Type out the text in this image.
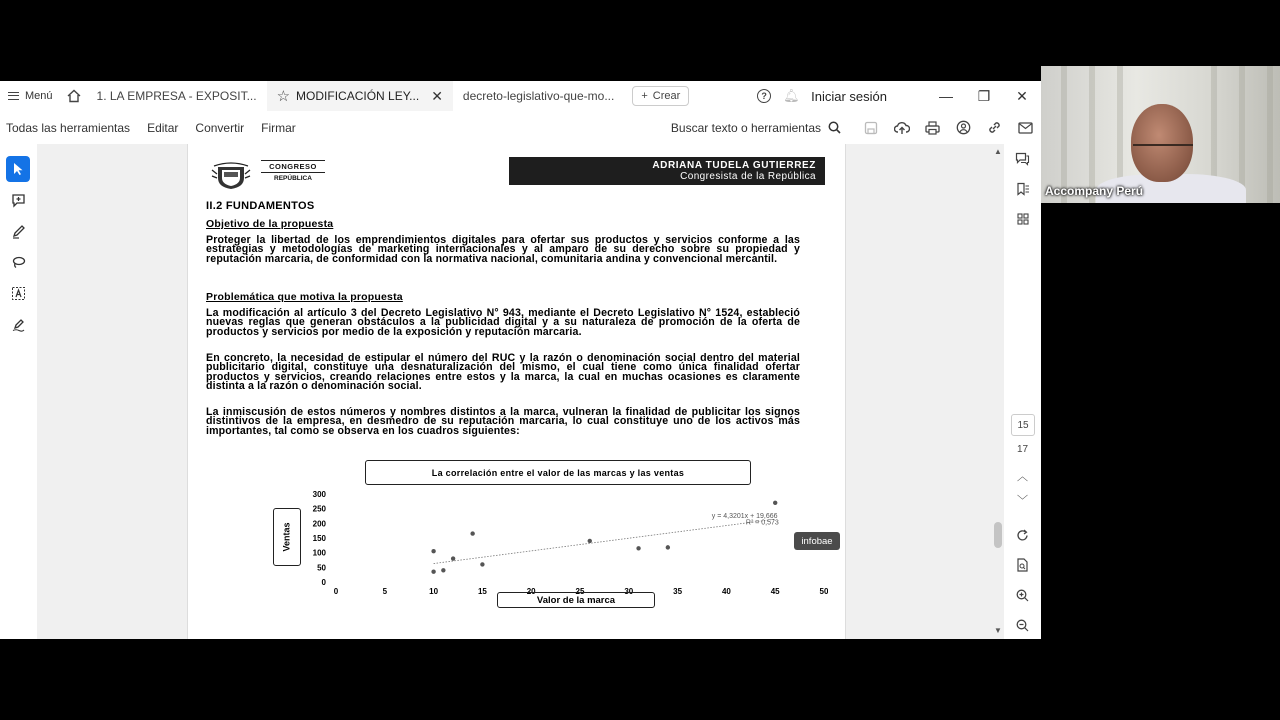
Menú	1. LA EMPRESA - EXPOSIT... ☆ MODIFICACIÓN LEY... ✕ decreto-legislativo-que-mo... + Crear	?	🔔︎ Iniciar sesión	—	❐	✕
Todas las herramientas	Editar	Convertir	Firmar	Buscar texto o herramientas
CONGRESO
REPÚBLICA
ADRIANA TUDELA GUTIERREZ
Congresista de la República
II.2 FUNDAMENTOS
Objetivo de la propuesta
Proteger la libertad de los emprendimientos digitales para ofertar sus productos y servicios conforme a las estrategias y metodologías de marketing internacionales y al amparo de su derecho sobre su propiedad y reputación marcaria, de conformidad con la normativa nacional, comunitaria andina y convencional mercantil.
Problemática que motiva la propuesta
La modificación al artículo 3 del Decreto Legislativo N° 943, mediante el Decreto Legislativo N° 1524, estableció nuevas reglas que generan obstáculos a la publicidad digital y a su naturaleza de promoción de la oferta de productos y servicios por medio de la exposición y reputación marcaria.
En concreto, la necesidad de estipular el número del RUC y la razón o denominación social dentro del material publicitario digital, constituye una desnaturalización del mismo, el cual tiene como única finalidad ofertar productos y servicios, creando relaciones entre estos y la marca, la cual en muchas ocasiones es claramente distinta a la razón o denominación social.
La inmiscusión de estos números y nombres distintos a la marca, vulneran la finalidad de publicitar los signos distintivos de la empresa, en desmedro de su reputación marcaria, lo cual constituye uno de los activos más importantes, tal como se observa en los cuadros siguientes:
La correlación entre el valor de las marcas y las ventas
Ventas
0
50
100
150
200
250
300
0	5	10	15	20	25	30	35	40	45	50
y = 4,3201x + 19,666
R² = 0,573
Valor de la marca
▲
▼
15
17
︿
﹀
infobae
Accompany Perú
